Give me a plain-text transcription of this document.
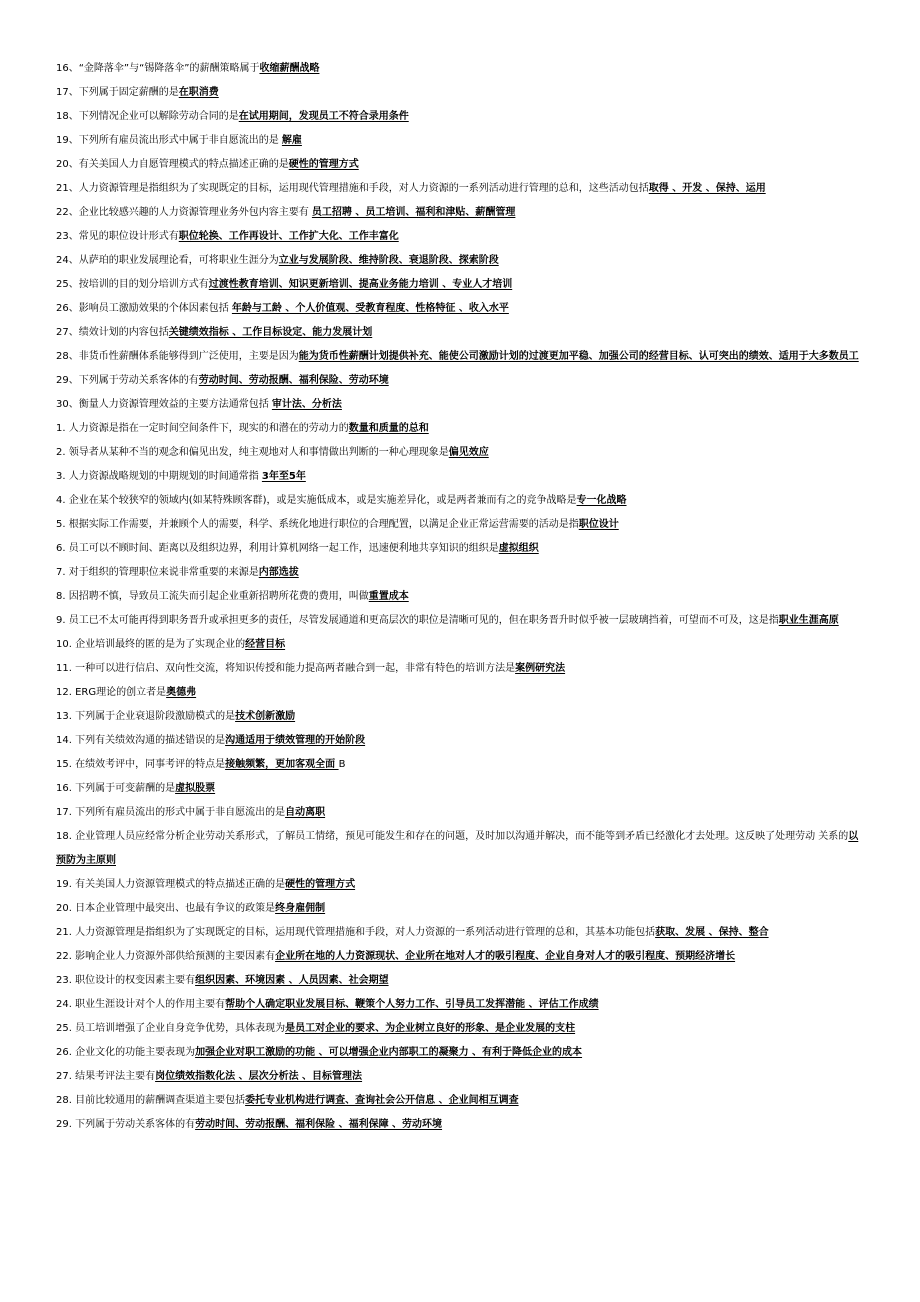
16、“金降落伞”与“锡降落伞”的薪酬策略属于收缩薪酬战略

17、下列属于固定薪酬的是在职消费

18、下列情况企业可以解除劳动合同的是在试用期间，发现员工不符合录用条件

19、下列所有雇员流出形式中属于非自愿流出的是 解雇

20、有关美国人力自愿管理模式的特点描述正确的是硬性的管理方式

21、人力资源管理是指组织为了实现既定的目标，运用现代管理措施和手段，对人力资源的一系列活动进行管理的总和，这些活动包括取得 、开发 、保持、运用

22、企业比较感兴趣的人力资源管理业务外包内容主要有 员工招聘 、员工培训、福利和津贴、薪酬管理

23、常见的职位设计形式有职位轮换、工作再设计、工作扩大化、工作丰富化

24、从萨珀的职业发展理论看，可将职业生涯分为立业与发展阶段、维持阶段、衰退阶段、探索阶段

25、按培训的目的划分培训方式有过渡性教育培训、知识更新培训、提高业务能力培训 、专业人才培训

26、影响员工激励效果的个体因素包括 年龄与工龄 、个人价值观、受教育程度、性格特征 、收入水平

27、绩效计划的内容包括关键绩效指标 、工作目标设定、能力发展计划

28、非货币性薪酬体系能够得到广泛使用，主要是因为能为货币性薪酬计划提供补充、能使公司激励计划的过渡更加平稳、加强公司的经营目标、认可突出的绩效、适用于大多数员工

29、下列属于劳动关系客体的有劳动时间、劳动报酬、福利保险、劳动环境

30、衡量人力资源管理效益的主要方法通常包括 审计法、分析法

1. 人力资源是指在一定时间空间条件下，现实的和潜在的劳动力的数量和质量的总和

2. 领导者从某种不当的观念和偏见出发，纯主观地对人和事情做出判断的一种心理现象是偏见效应

3. 人力资源战略规划的中期规划的时间通常指 3年至5年

4. 企业在某个较狭窄的领域内(如某特殊顾客群)，或是实施低成本，或是实施差异化，或是两者兼而有之的竞争战略是专一化战略

5. 根据实际工作需要，并兼顾个人的需要，科学、系统化地进行职位的合理配置，以满足企业正常运营需要的活动是指职位设计

6. 员工可以不顾时间、距离以及组织边界，利用计算机网络一起工作，迅速便利地共享知识的组织是虚拟组织

7. 对于组织的管理职位来说非常重要的来源是内部选拔

8. 因招聘不慎，导致员工流失而引起企业重新招聘所花费的费用，叫做重置成本

9. 员工已不太可能再得到职务晋升或承担更多的责任，尽管发展通道和更高层次的职位是清晰可见的，但在职务晋升时似乎被一层玻璃挡着，可望而不可及，这是指职业生涯高原

10. 企业培训最终的匿的是为了实现企业的经营目标

11. 一种可以进行信启、双向性交流，将知识传授和能力提高两者融合到一起，非常有特色的培训方法是案例研究法

12. ERG理论的创立者是奥德弗

13. 下列属于企业衰退阶段激励模式的是技术创新激励

14. 下列有关绩效沟通的描述错误的是沟通适用于绩效管理的开始阶段

15. 在绩效考评中，同事考评的特点是接触频繁，更加客观全面 B

16. 下列属于可变薪酬的是虚拟股票

17. 下列所有雇员流出的形式中属于非自愿流出的是自动离职

18. 企业管理人员应经常分析企业劳动关系形式，了解员工情绪，预见可能发生和存在的问题，及时加以沟通并解决，而不能等到矛盾已经激化才去处理。这反映了处理劳动 关系的以预防为主原则

19. 有关美国人力资源管理模式的特点描述正确的是硬性的管理方式

20. 日本企业管理中最突出、也最有争议的政策是终身雇佣制

21. 人力资源管理是指组织为了实现既定的目标，运用现代管理措施和手段，对人力资源的一系列活动进行管理的总和，其基本功能包括获取、发展 、保持、整合

22. 影响企业人力资源外部供给预测的主要因素有企业所在地的人力资源现状、企业所在地对人才的吸引程度、企业自身对人才的吸引程度、预期经济增长

23. 职位设计的权变因素主要有组织因素、环境因素 、人员因素、社会期望

24. 职业生涯设计对个人的作用主要有帮助个人确定职业发展目标、鞭策个人努力工作、引导员工发挥潜能 、评估工作成绩

25. 员工培训增强了企业自身竞争优势，具体表现为是员工对企业的要求、为企业树立良好的形象、是企业发展的支柱

26. 企业文化的功能主要表现为加强企业对职工激励的功能 、可以增强企业内部职工的凝聚力 、有利于降低企业的成本

27. 结果考评法主要有岗位绩效指数化法 、层次分析法 、目标管理法

28. 目前比较通用的薪酬调查渠道主要包括委托专业机构进行调查、查询社会公开信息 、企业间相互调查

29. 下列属于劳动关系客体的有劳动时间、劳动报酬、福利保险 、福利保障 、劳动环境
